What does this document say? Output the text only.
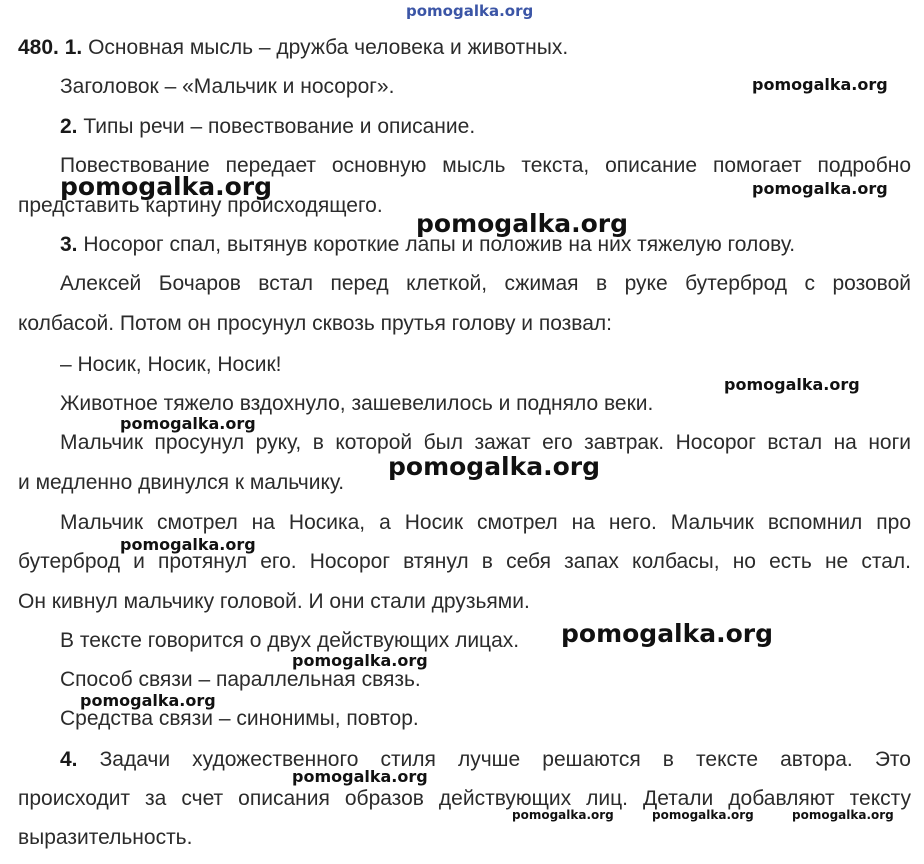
pomogalka.org
480. 1. Основная мысль – дружба человека и животных.
Заголовок – «Мальчик и носорог».
2. Типы речи – повествование и описание.
Повествование передает основную мысль текста, описание помогает подробно
представить картину происходящего.
3. Носорог спал, вытянув короткие лапы и положив на них тяжелую голову.
Алексей Бочаров встал перед клеткой, сжимая в руке бутерброд с розовой
колбасой. Потом он просунул сквозь прутья голову и позвал:
– Носик, Носик, Носик!
Животное тяжело вздохнуло, зашевелилось и подняло веки.
Мальчик просунул руку, в которой был зажат его завтрак. Носорог встал на ноги
и медленно двинулся к мальчику.
Мальчик смотрел на Носика, а Носик смотрел на него. Мальчик вспомнил про
бутерброд и протянул его. Носорог втянул в себя запах колбасы, но есть не стал.
Он кивнул мальчику головой. И они стали друзьями.
В тексте говорится о двух действующих лицах.
Способ связи – параллельная связь.
Средства связи – синонимы, повтор.
4. Задачи художественного стиля лучше решаются в тексте автора. Это
происходит за счет описания образов действующих лиц. Детали добавляют тексту
выразительность.
pomogalka.org
pomogalka.org	pomogalka.org
pomogalka.org
pomogalka.org
pomogalka.org
pomogalka.org
pomogalka.org
pomogalka.org
pomogalka.org
pomogalka.org
pomogalka.org
pomogalka.org	pomogalka.org	pomogalka.org
